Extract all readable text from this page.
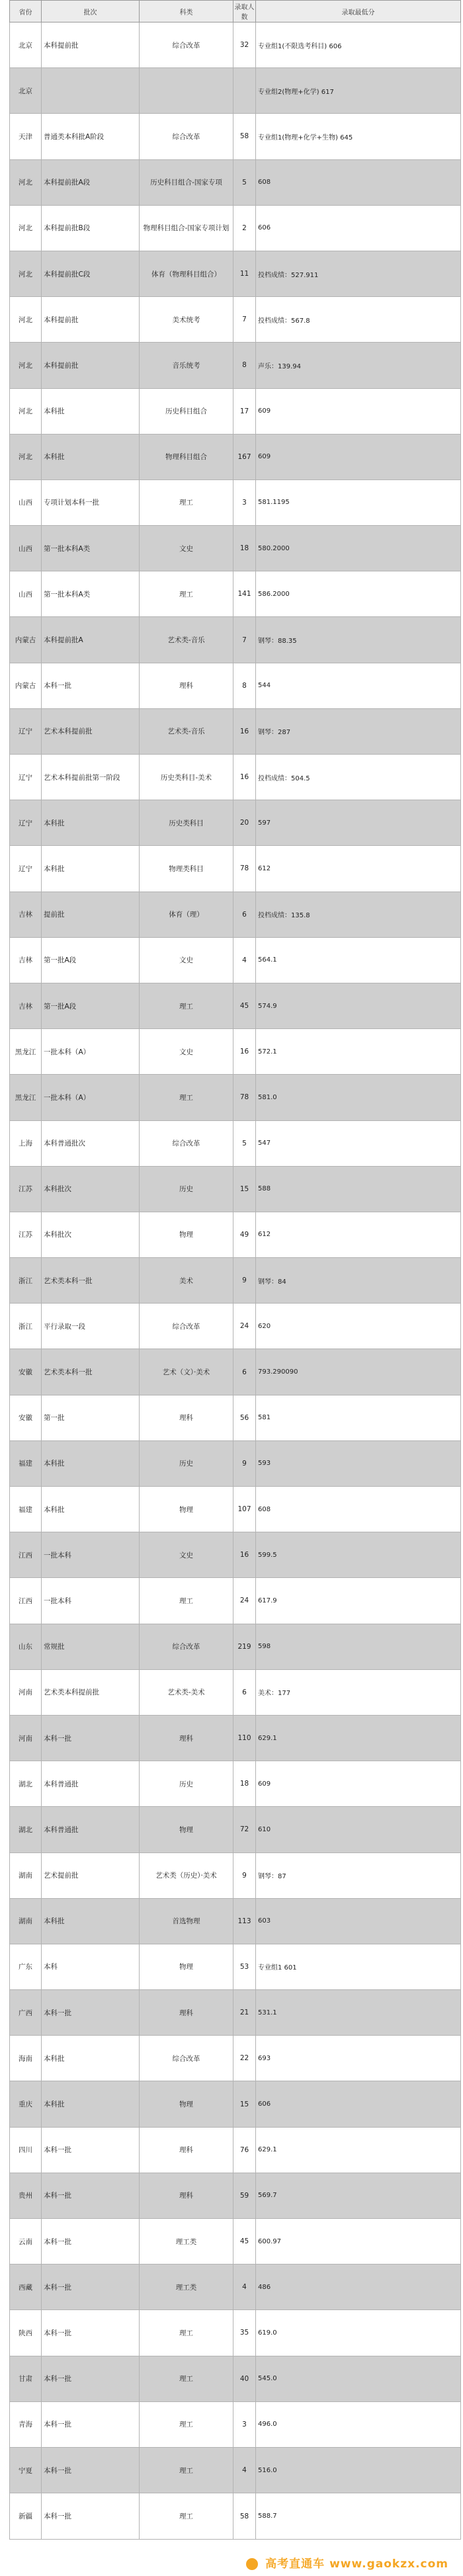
省份	批次	科类	录取人数	录取最低分
北京	本科提前批	综合改革	32	专业组1(不限选考科目) 606
北京				专业组2(物理+化学) 617
天津	普通类本科批A阶段	综合改革	58	专业组1(物理+化学+生物) 645
河北	本科提前批A段	历史科目组合-国家专项	5	608
河北	本科提前批B段	物理科目组合-国家专项计划	2	606
河北	本科提前批C段	体育（物理科目组合）	11	投档成绩：527.911
河北	本科提前批	美术统考	7	投档成绩：567.8
河北	本科提前批	音乐统考	8	声乐：139.94
河北	本科批	历史科目组合	17	609
河北	本科批	物理科目组合	167	609
山西	专项计划本科一批	理工	3	581.1195
山西	第一批本科A类	文史	18	580.2000
山西	第一批本科A类	理工	141	586.2000
内蒙古	本科提前批A	艺术类-音乐	7	钢琴：88.35
内蒙古	本科一批	理科	8	544
辽宁	艺术本科提前批	艺术类-音乐	16	钢琴：287
辽宁	艺术本科提前批第一阶段	历史类科目-美术	16	投档成绩：504.5
辽宁	本科批	历史类科目	20	597
辽宁	本科批	物理类科目	78	612
吉林	提前批	体育（理）	6	投档成绩：135.8
吉林	第一批A段	文史	4	564.1
吉林	第一批A段	理工	45	574.9
黑龙江	一批本科（A）	文史	16	572.1
黑龙江	一批本科（A）	理工	78	581.0
上海	本科普通批次	综合改革	5	547
江苏	本科批次	历史	15	588
江苏	本科批次	物理	49	612
浙江	艺术类本科一批	美术	9	钢琴：84
浙江	平行录取一段	综合改革	24	620
安徽	艺术类本科一批	艺术（文）·美术	6	793.290090
安徽	第一批	理科	56	581
福建	本科批	历史	9	593
福建	本科批	物理	107	608
江西	一批本科	文史	16	599.5
江西	一批本科	理工	24	617.9
山东	常规批	综合改革	219	598
河南	艺术类本科提前批	艺术类-美术	6	美术：177
河南	本科一批	理科	110	629.1
湖北	本科普通批	历史	18	609
湖北	本科普通批	物理	72	610
湖南	艺术提前批	艺术类（历史）·美术	9	钢琴：87
湖南	本科批	首选物理	113	603
广东	本科	物理	53	专业组1 601
广西	本科一批	理科	21	531.1
海南	本科批	综合改革	22	693
重庆	本科批	物理	15	606
四川	本科一批	理科	76	629.1
贵州	本科一批	理科	59	569.7
云南	本科一批	理工类	45	600.97
西藏	本科一批	理工类	4	486
陕西	本科一批	理工	35	619.0
甘肃	本科一批	理工	40	545.0
青海	本科一批	理工	3	496.0
宁夏	本科一批	理工	4	516.0
新疆	本科一批	理工	58	588.7
高考直通车 www.gaokzx.com
